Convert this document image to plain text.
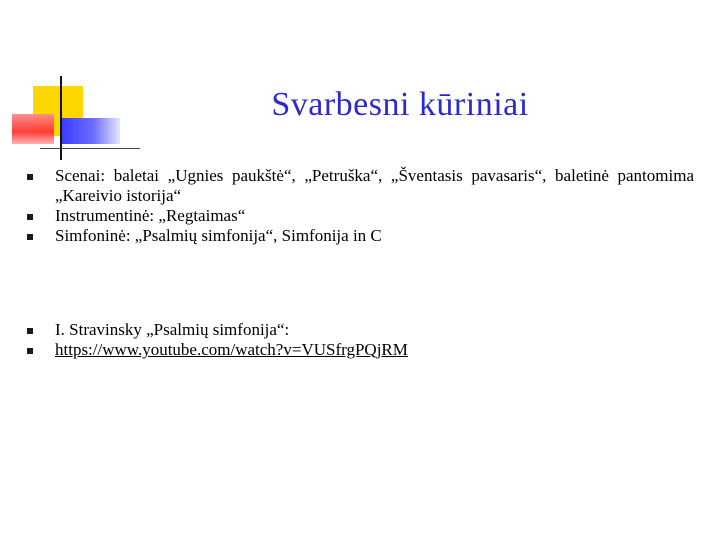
Svarbesni kūriniai
Scenai: baletai „Ugnies paukštė“, „Petruška“, „Šventasis pavasaris“, baletinė pantomima „Kareivio istorija“
Instrumentinė: „Regtaimas“
Simfoninė: „Psalmių simfonija“, Simfonija in C
I. Stravinsky „Psalmių simfonija“:
https://www.youtube.com/watch?v=VUSfrgPQjRM
